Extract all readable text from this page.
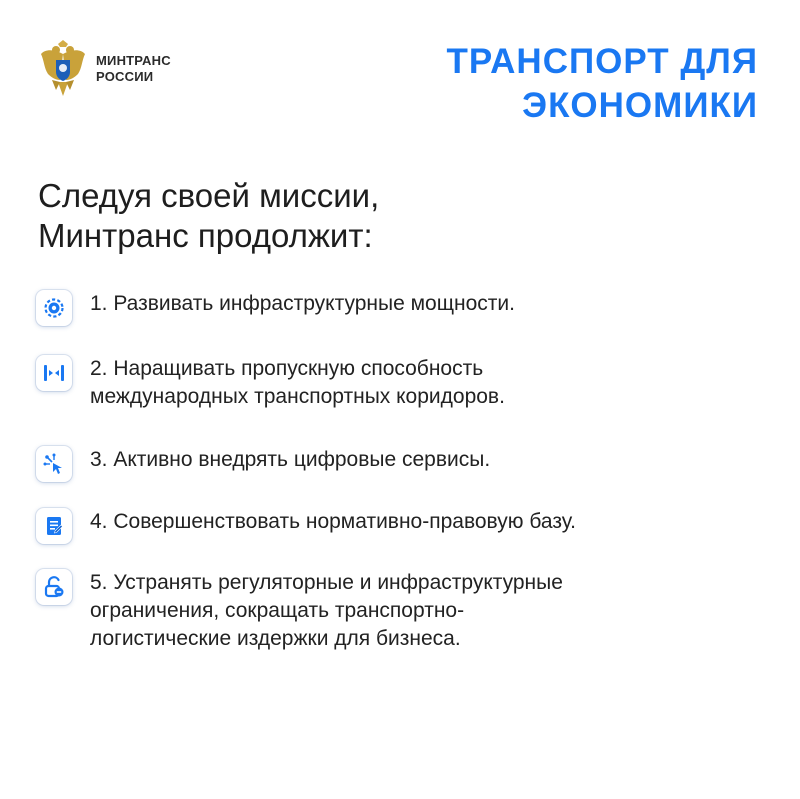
МИНТРАНС
РОССИИ	ТРАНСПОРТ ДЛЯ
ЭКОНОМИКИ
Следуя своей миссии,
Минтранс продолжит:
1. Развивать инфраструктурные мощности.
2. Наращивать пропускную способность
международных транспортных коридоров.
3. Активно внедрять цифровые сервисы.
4. Совершенствовать нормативно-правовую базу.
5. Устранять регуляторные и инфраструктурные
ограничения, сокращать транспортно-
логистические издержки для бизнеса.
